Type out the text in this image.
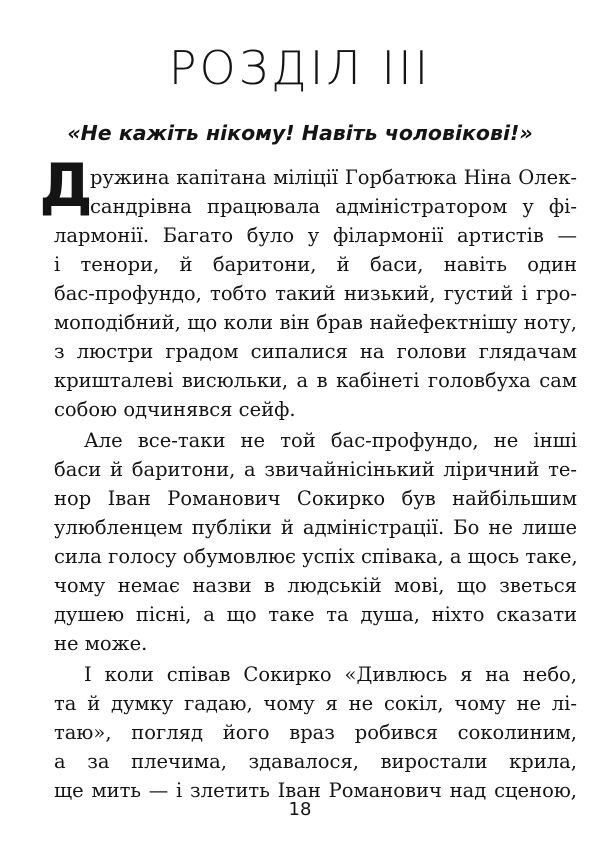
РОЗДІЛ ІІІ
«Не кажіть нікому! Навіть чоловікові!»
Д
ружина капітана міліції Горбатюка Ніна Олек-
сандрівна працювала адміністратором у фі-
лармонії. Багато було у філармонії артистів —
і тенори, й баритони, й баси, навіть один
бас-профундо, тобто такий низький, густий і гро-
моподібний, що коли він брав найефектнішу ноту,
з люстри градом сипалися на голови глядачам
кришталеві висюльки, а в кабінеті головбуха сам
собою одчинявся сейф.
Але все-таки не той бас-профундо, не інші
баси й баритони, а звичайнісінький ліричний те-
нор Іван Романович Сокирко був найбільшим
улюбленцем публіки й адміністрації. Бо не лише
сила голосу обумовлює успіх співака, а щось таке,
чому немає назви в людській мові, що зветься
душею пісні, а що таке та душа, ніхто сказати
не може.
І коли співав Сокирко «Дивлюсь я на небо,
та й думку гадаю, чому я не сокіл, чому не лі-
таю», погляд його враз робився соколиним,
а за плечима, здавалося, виростали крила,
ще мить — і злетить Іван Романович над сценою,
18
